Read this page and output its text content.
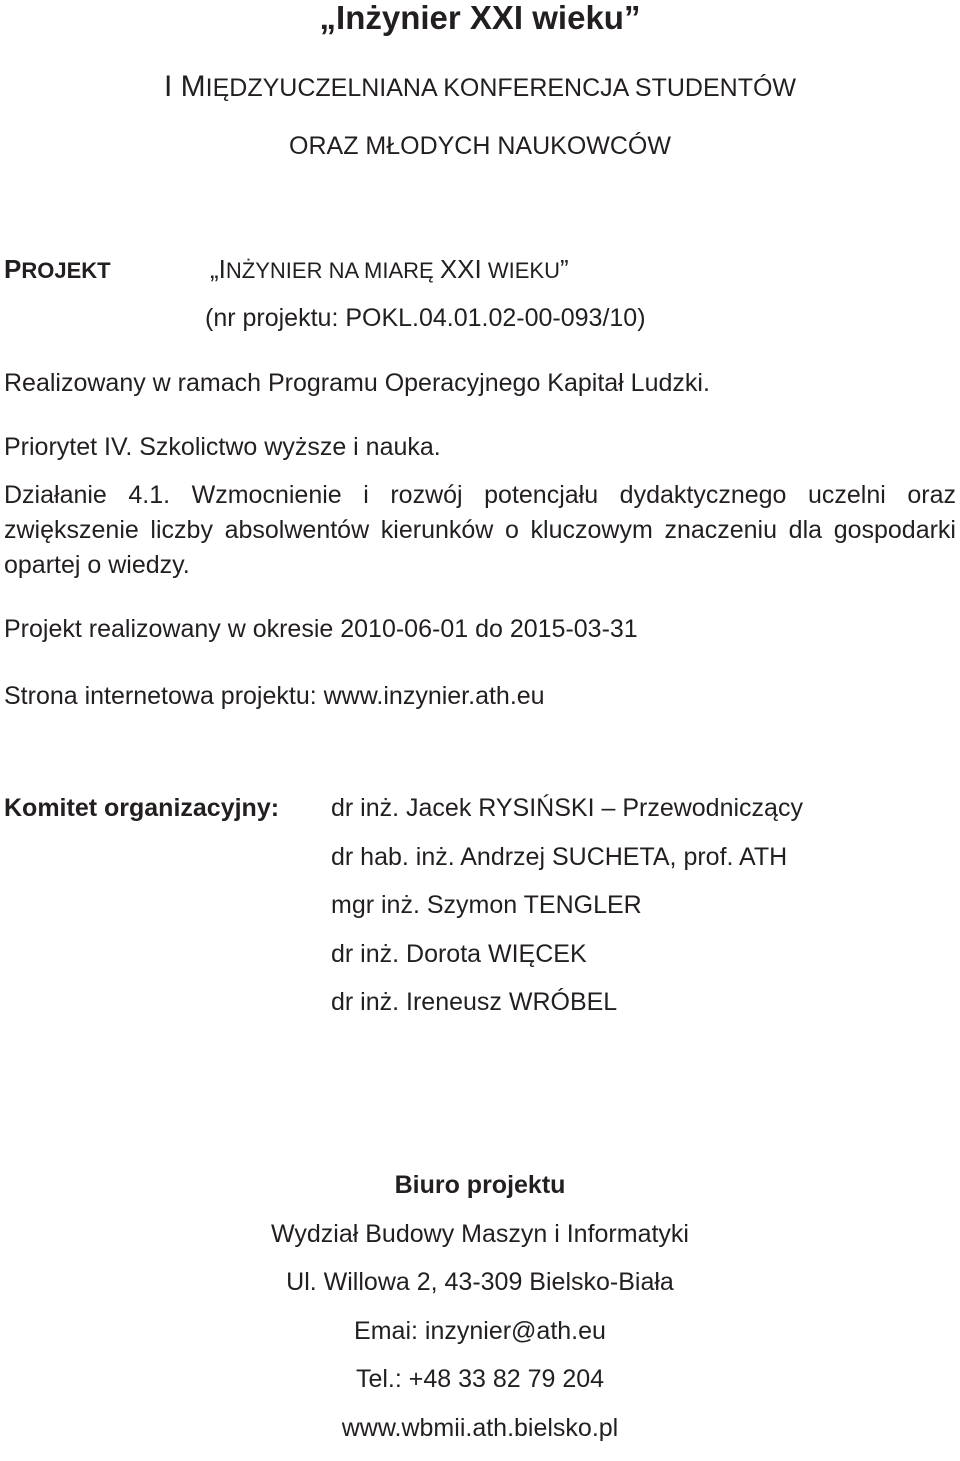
„Inżynier XXI wieku”
I MIĘDZYUCZELNIANA KONFERENCJA STUDENTÓW
ORAZ MŁODYCH NAUKOWCÓW
PROJEKT	„INŻYNIER NA MIARĘ XXI WIEKU”
(nr projektu: POKL.04.01.02-00-093/10)
Realizowany w ramach Programu Operacyjnego Kapitał Ludzki.
Priorytet IV. Szkolictwo wyższe i nauka.

Działanie 4.1. Wzmocnienie i rozwój potencjału dydaktycznego uczelni oraz zwiększenie liczby absolwentów kierunków o kluczowym znaczeniu dla gospodarki opartej o wiedzy.

Projekt realizowany w okresie 2010-06-01 do 2015-03-31
Strona internetowa projektu: www.inzynier.ath.eu
Komitet organizacyjny: dr inż. Jacek RYSIŃSKI – Przewodniczący
dr hab. inż. Andrzej SUCHETA, prof. ATH
mgr inż. Szymon TENGLER
dr inż. Dorota WIĘCEK
dr inż. Ireneusz WRÓBEL
Biuro projektu
Wydział Budowy Maszyn i Informatyki
Ul. Willowa 2, 43-309 Bielsko-Biała
Emai: inzynier@ath.eu
Tel.: +48 33 82 79 204
www.wbmii.ath.bielsko.pl
